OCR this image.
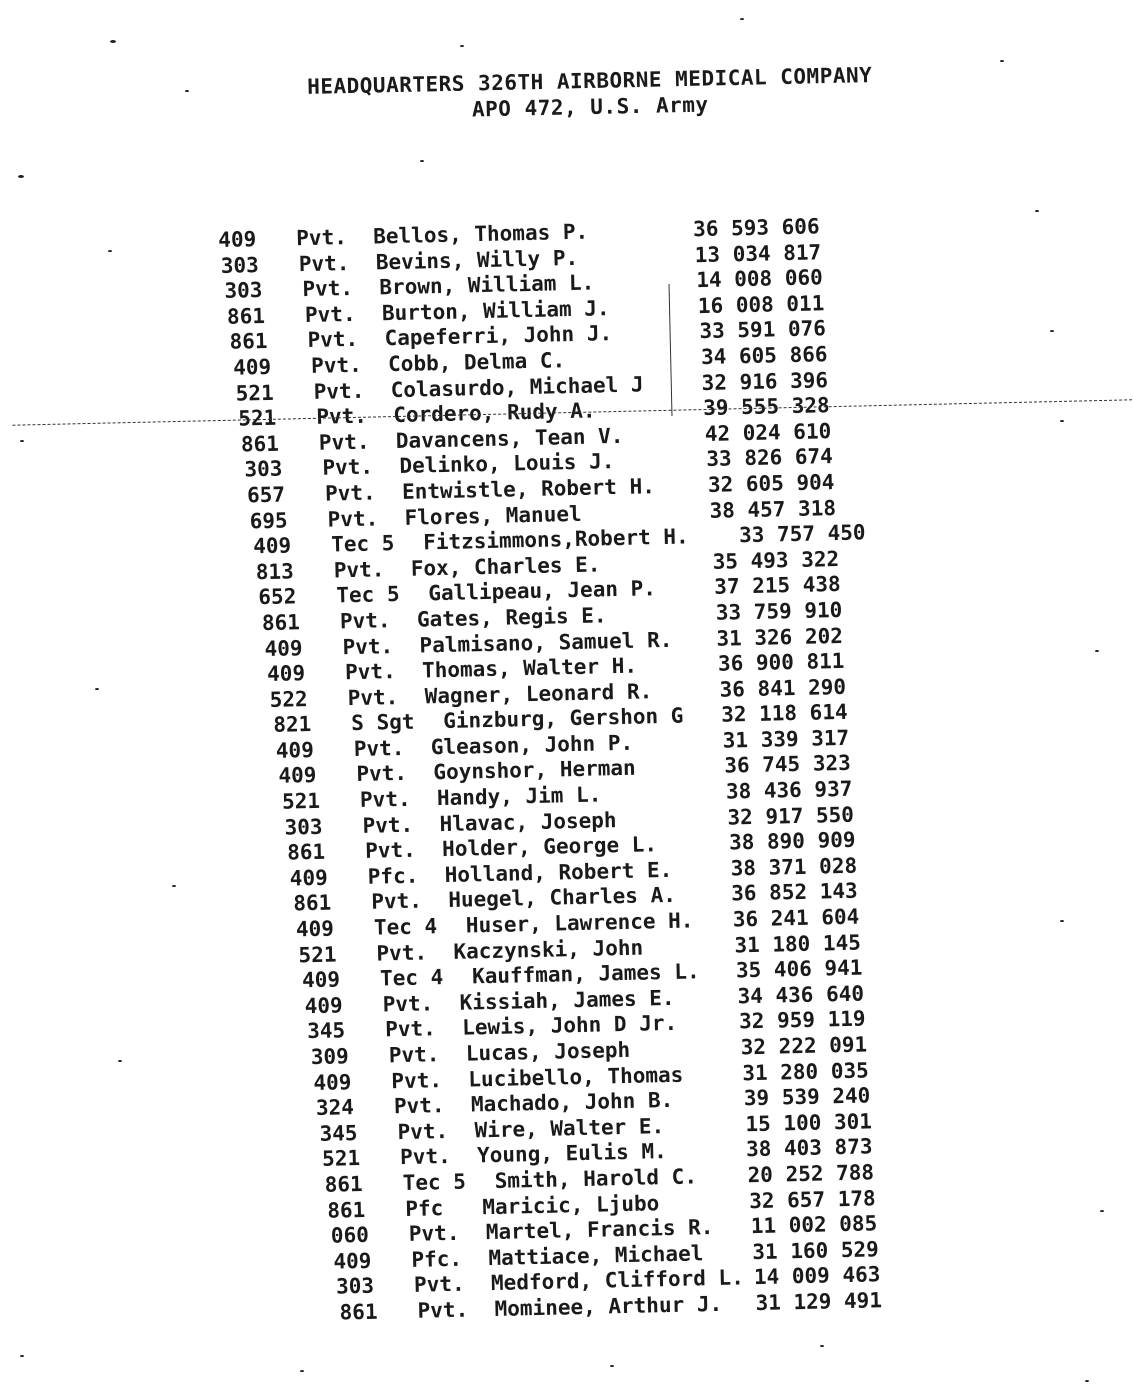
HEADQUARTERS 326TH AIRBORNE MEDICAL COMPANY
APO 472, U.S. Army
409	Pvt. Bellos, Thomas P.	36 593 606
303	Pvt. Bevins, Willy P.	13 034 817
303	Pvt. Brown, William L.	14 008 060
861	Pvt. Burton, William J.	16 008 011
861	Pvt. Capeferri, John J.	33 591 076
409	Pvt. Cobb, Delma C.	34 605 866
521	Pvt. Colasurdo, Michael J	32 916 396
521	Pvt. Cordero, Rudy A.	39 555 328
861	Pvt. Davancens, Tean V.	42 024 610
303	Pvt. Delinko, Louis J.	33 826 674
657	Pvt. Entwistle, Robert H.	32 605 904
695	Pvt. Flores, Manuel	38 457 318
409	Tec 5 Fitzsimmons,Robert H. 33 757 450
813	Pvt. Fox, Charles E.	35 493 322
652	Tec 5 Gallipeau, Jean P.	37 215 438
861	Pvt. Gates, Regis E.	33 759 910
409	Pvt. Palmisano, Samuel R. 31 326 202
409	Pvt. Thomas, Walter H.	36 900 811
522	Pvt. Wagner, Leonard R.	36 841 290
821	S Sgt Ginzburg, Gershon G 32 118 614
409	Pvt. Gleason, John P.	31 339 317
409	Pvt. Goynshor, Herman	36 745 323
521	Pvt. Handy, Jim L.	38 436 937
303	Pvt. Hlavac, Joseph	32 917 550
861	Pvt. Holder, George L.	38 890 909
409	Pfc. Holland, Robert E.	38 371 028
861	Pvt. Huegel, Charles A.	36 852 143
409	Tec 4 Huser, Lawrence H. 36 241 604
521	Pvt. Kaczynski, John	31 180 145
409	Tec 4 Kauffman, James L. 35 406 941
409	Pvt. Kissiah, James E.	34 436 640
345	Pvt. Lewis, John D Jr.	32 959 119
309	Pvt. Lucas, Joseph	32 222 091
409	Pvt. Lucibello, Thomas	31 280 035
324	Pvt. Machado, John B.	39 539 240
345	Pvt. Wire, Walter E.	15 100 301
521	Pvt. Young, Eulis M.	38 403 873
861	Tec 5 Smith, Harold C. 20 252 788
861	Pfc Maricic, Ljubo	32 657 178
060	Pvt. Martel, Francis R. 11 002 085
409	Pfc. Mattiace, Michael 31 160 529
303	Pvt. Medford, Clifford L. 14 009 463
861	Pvt. Mominee, Arthur J. 31 129 491
